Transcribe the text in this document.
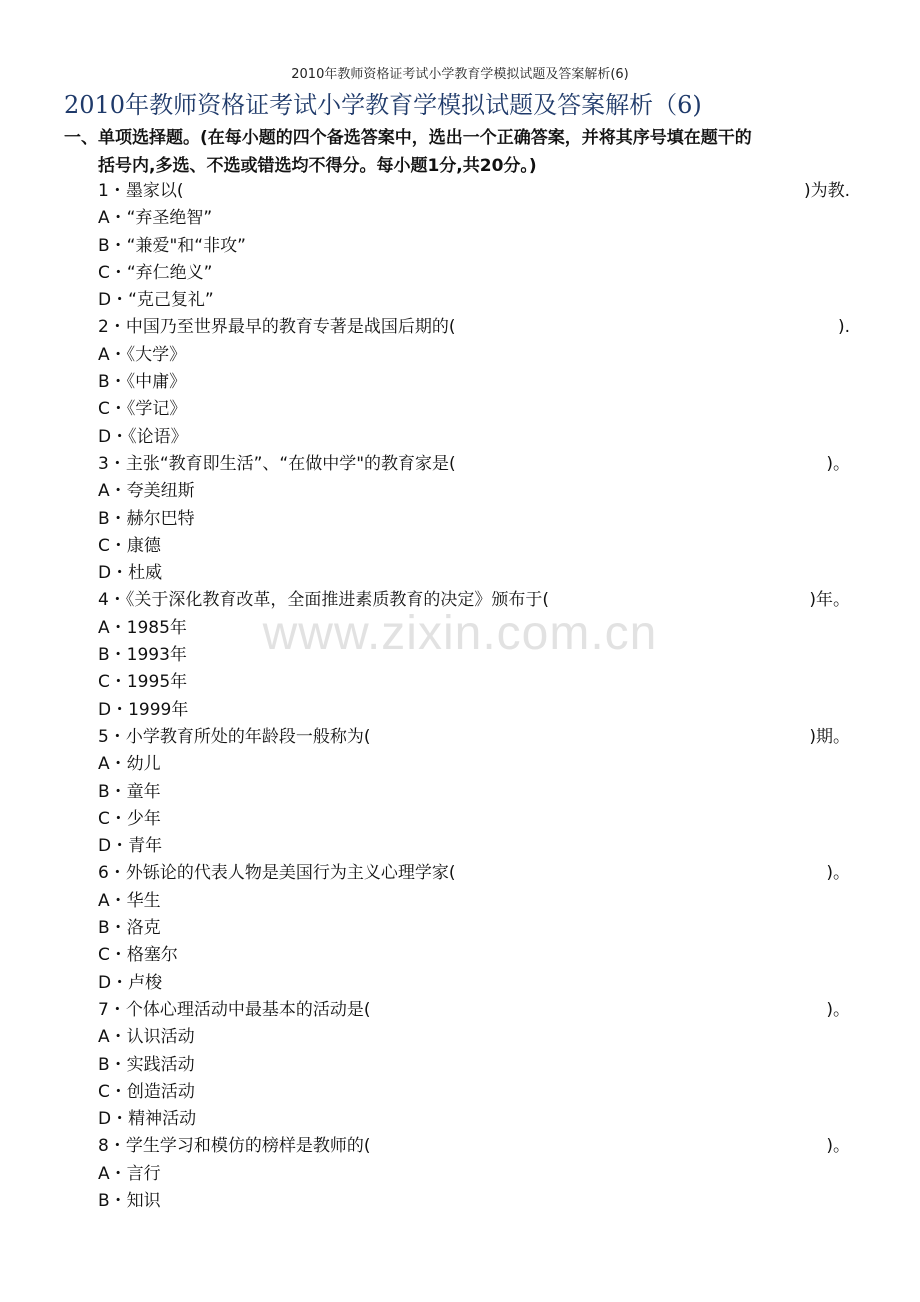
2010年教师资格证考试小学教育学模拟试题及答案解析(6)
2010年教师资格证考试小学教育学模拟试题及答案解析（6)
一、单项选择题。(在每小题的四个备选答案中，选出一个正确答案，并将其序号填在题干的
括号内,多选、不选或错选均不得分。每小题1分,共20分。)
1・墨家以(	)为教.
A・“弃圣绝智”
B・“兼爱"和“非攻”
C・“弃仁绝义”
D・“克己复礼”
2・中国乃至世界最早的教育专著是战国后期的(	).
A・《大学》
B・《中庸》
C・《学记》
D・《论语》
3・主张“教育即生活”、“在做中学"的教育家是(	)。
A・夸美纽斯
B・赫尔巴特
C・康德
D・杜威
4・《关于深化教育改革，全面推进素质教育的决定》颁布于(	)年。
A・1985年
B・1993年
C・1995年
D・1999年
5・小学教育所处的年龄段一般称为(	)期。
A・幼儿
B・童年
C・少年
D・青年
6・外铄论的代表人物是美国行为主义心理学家(	)。
A・华生
B・洛克
C・格塞尔
D・卢梭
7・个体心理活动中最基本的活动是(	)。
A・认识活动
B・实践活动
C・创造活动
D・精神活动
8・学生学习和模仿的榜样是教师的(	)。
A・言行
B・知识
www.zixin.com.cn
